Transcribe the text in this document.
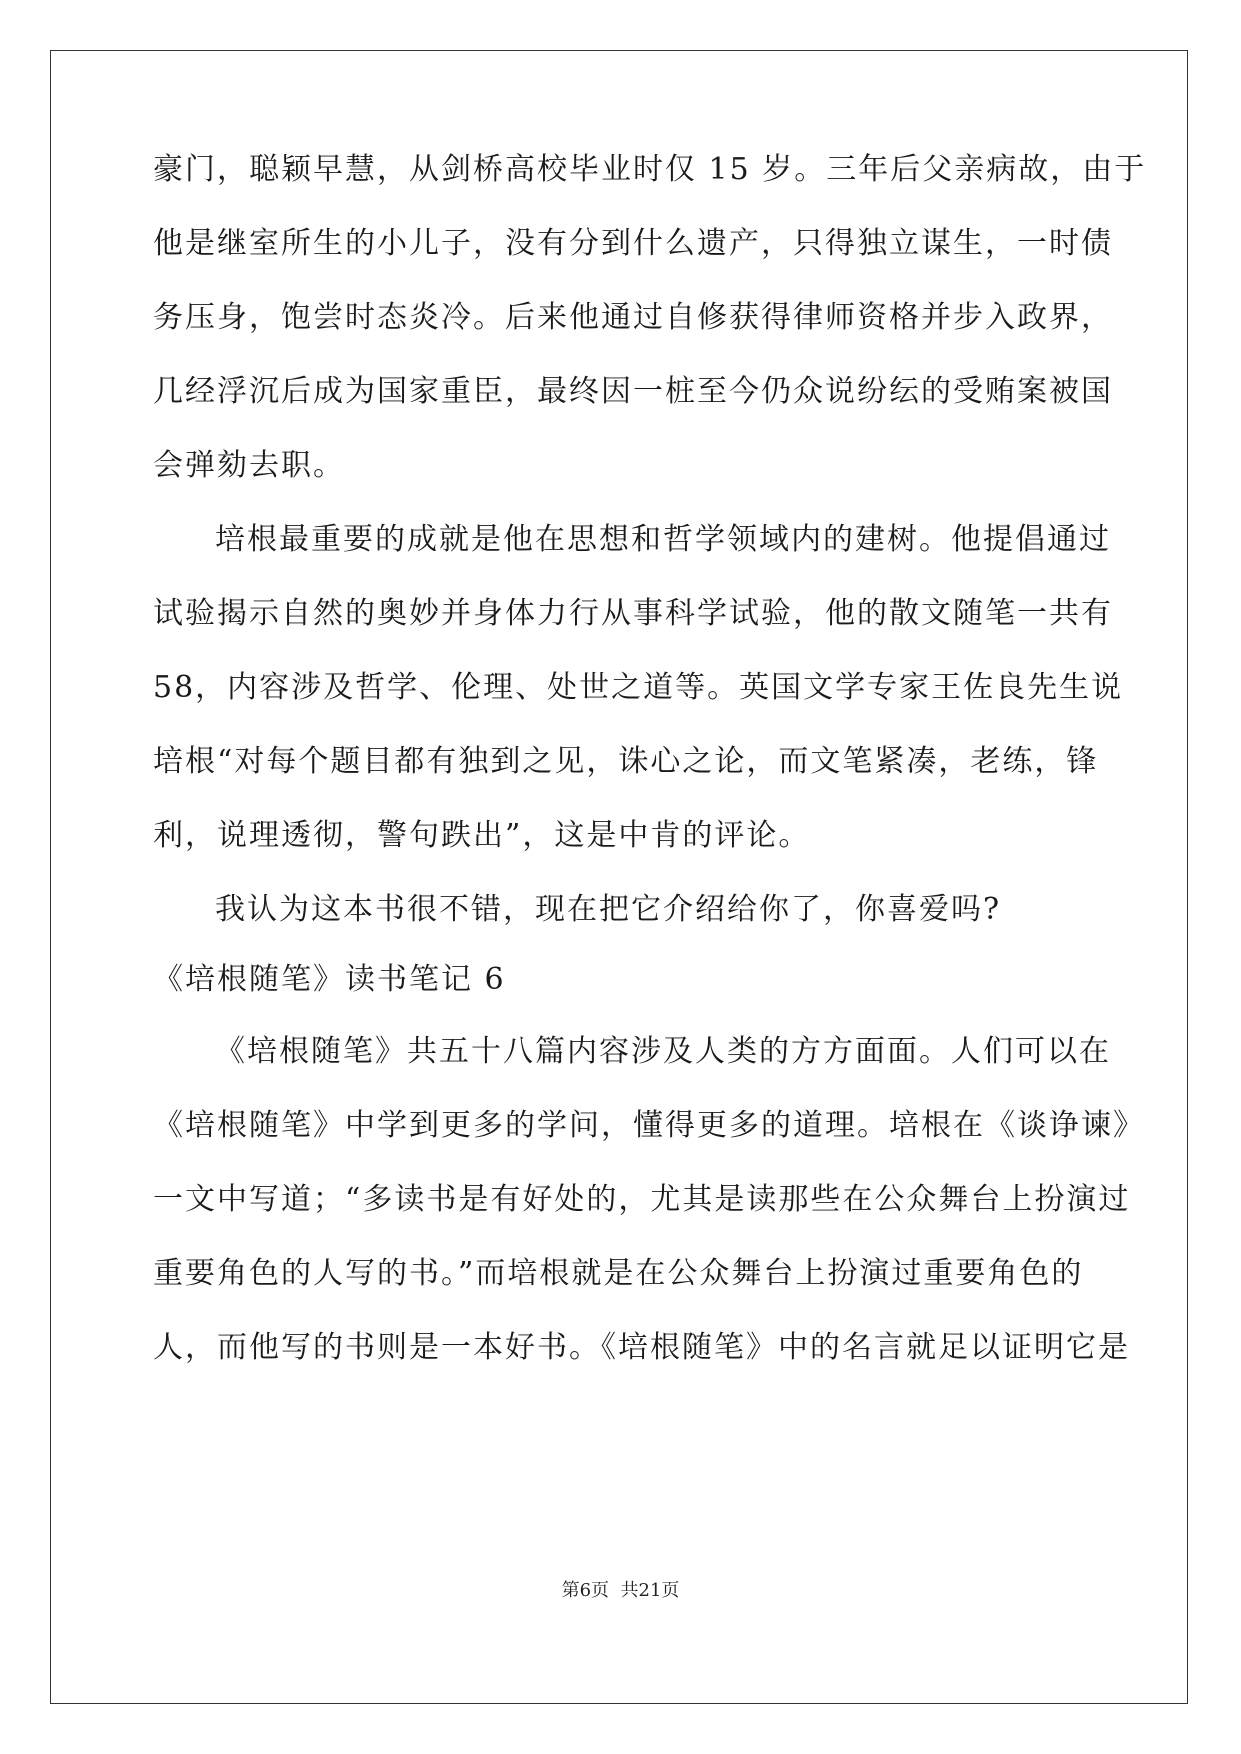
豪门，聪颖早慧，从剑桥高校毕业时仅 15 岁。三年后父亲病故，由于
他是继室所生的小儿子，没有分到什么遗产，只得独立谋生，一时债
务压身，饱尝时态炎冷。后来他通过自修获得律师资格并步入政界，
几经浮沉后成为国家重臣，最终因一桩至今仍众说纷纭的受贿案被国
会弹劾去职。
培根最重要的成就是他在思想和哲学领域内的建树。他提倡通过
试验揭示自然的奥妙并身体力行从事科学试验，他的散文随笔一共有
58，内容涉及哲学、伦理、处世之道等。英国文学专家王佐良先生说
培根“对每个题目都有独到之见，诛心之论，而文笔紧凑，老练，锋
利，说理透彻，警句跌出”，这是中肯的评论。
我认为这本书很不错，现在把它介绍给你了，你喜爱吗?
《培根随笔》读书笔记 6
《培根随笔》共五十八篇内容涉及人类的方方面面。人们可以在
《培根随笔》中学到更多的学问，懂得更多的道理。培根在《谈诤谏》
一文中写道；“多读书是有好处的，尤其是读那些在公众舞台上扮演过
重要角色的人写的书。”而培根就是在公众舞台上扮演过重要角色的
人，而他写的书则是一本好书。《培根随笔》中的名言就足以证明它是
第6页  共21页
